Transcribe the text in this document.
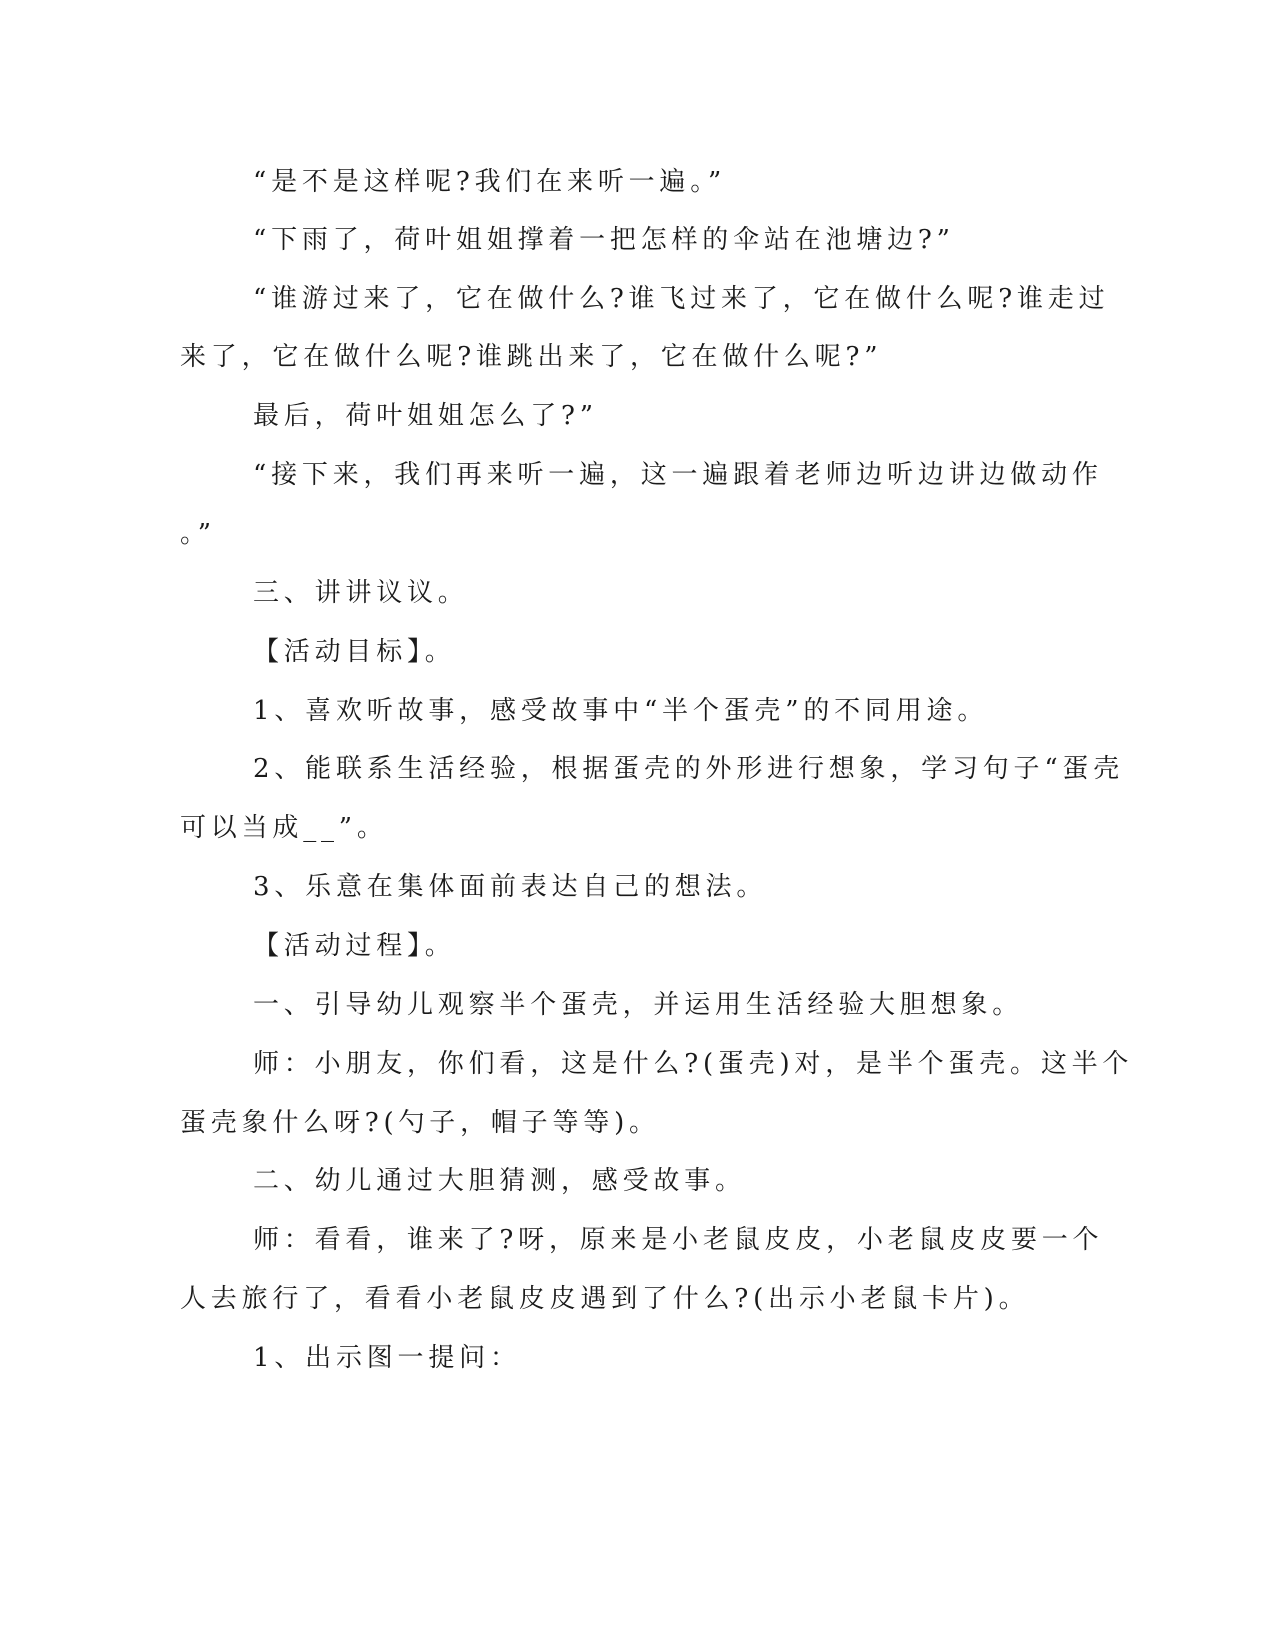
“是不是这样呢?我们在来听一遍。”
“下雨了，荷叶姐姐撑着一把怎样的伞站在池塘边?”
“谁游过来了，它在做什么?谁飞过来了，它在做什么呢?谁走过
来了，它在做什么呢?谁跳出来了，它在做什么呢?”
最后，荷叶姐姐怎么了?”
“接下来，我们再来听一遍，这一遍跟着老师边听边讲边做动作
。”
三、讲讲议议。
【活动目标】。
1、喜欢听故事，感受故事中“半个蛋壳”的不同用途。
2、能联系生活经验，根据蛋壳的外形进行想象，学习句子“蛋壳
可以当成__”。
3、乐意在集体面前表达自己的想法。
【活动过程】。
一、引导幼儿观察半个蛋壳，并运用生活经验大胆想象。
师：小朋友，你们看，这是什么?(蛋壳)对，是半个蛋壳。这半个
蛋壳象什么呀?(勺子，帽子等等)。
二、幼儿通过大胆猜测，感受故事。
师：看看，谁来了?呀，原来是小老鼠皮皮，小老鼠皮皮要一个
人去旅行了，看看小老鼠皮皮遇到了什么?(出示小老鼠卡片)。
1、出示图一提问：
